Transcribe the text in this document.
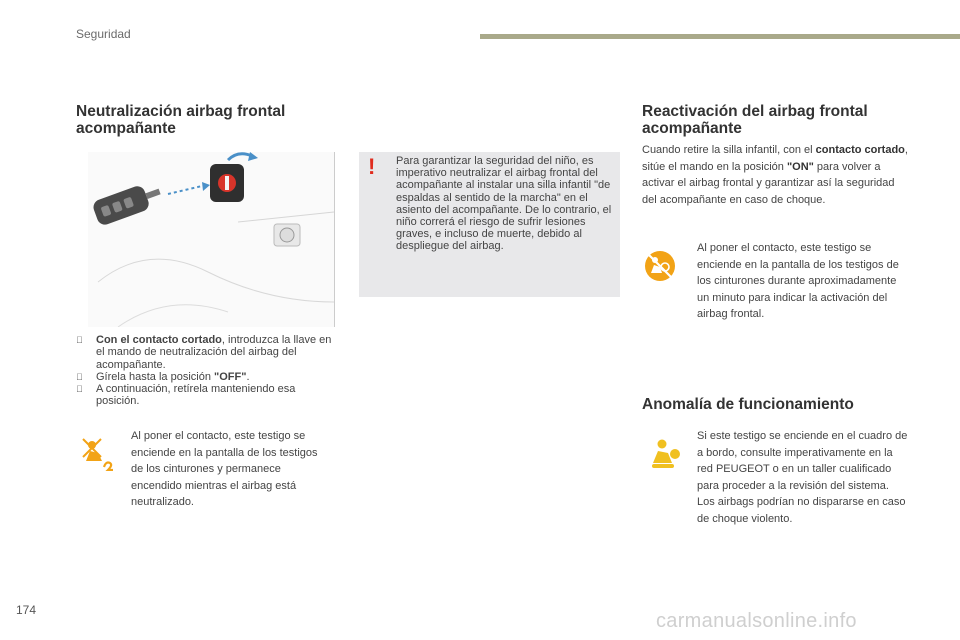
Seguridad
Neutralización airbag frontal acompañante
! Para garantizar la seguridad del niño, es imperativo neutralizar el airbag frontal del acompañante al instalar una silla infantil "de espaldas al sentido de la marcha" en el asiento del acompañante. De lo contrario, el niño correrá el riesgo de sufrir lesiones graves, e incluso de muerte, debido al despliegue del airbag.
Con el contacto cortado, introduzca la llave en el mando de neutralización del airbag del acompañante.
Gírela hasta la posición "OFF".
A continuación, retírela manteniendo esa posición.
Al poner el contacto, este testigo se enciende en la pantalla de los testigos de los cinturones y permanece encendido mientras el airbag está neutralizado.
Reactivación del airbag frontal acompañante
Cuando retire la silla infantil, con el contacto cortado, sitúe el mando en la posición "ON" para volver a activar el airbag frontal y garantizar así la seguridad del acompañante en caso de choque.
Al poner el contacto, este testigo se enciende en la pantalla de los testigos de los cinturones durante aproximadamente un minuto para indicar la activación del airbag frontal.
Anomalía de funcionamiento
Si este testigo se enciende en el cuadro de a bordo, consulte imperativamente en la red PEUGEOT o en un taller cualificado para proceder a la revisión del sistema. Los airbags podrían no dispararse en caso de choque violento.
174	carmanualsonline.info
